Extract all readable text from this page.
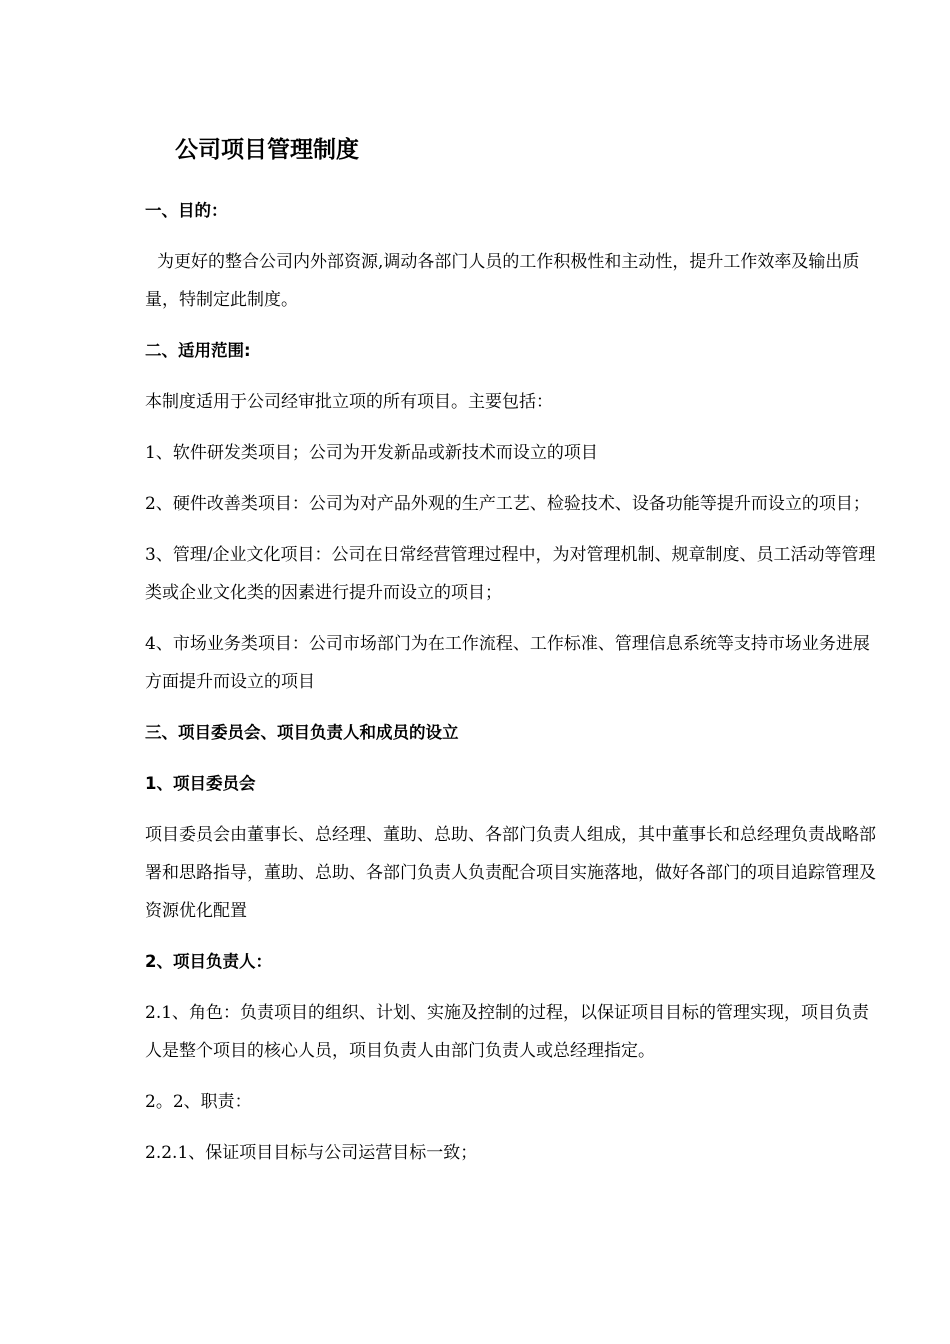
公司项目管理制度

一、目的：

为更好的整合公司内外部资源,调动各部门人员的工作积极性和主动性，提升工作效率及输出质量，特制定此制度。

二、适用范围:

本制度适用于公司经审批立项的所有项目。主要包括：

1、软件研发类项目；公司为开发新品或新技术而设立的项目

2、硬件改善类项目：公司为对产品外观的生产工艺、检验技术、设备功能等提升而设立的项目；

3、管理/企业文化项目：公司在日常经营管理过程中，为对管理机制、规章制度、员工活动等管理类或企业文化类的因素进行提升而设立的项目；

4、市场业务类项目：公司市场部门为在工作流程、工作标准、管理信息系统等支持市场业务进展方面提升而设立的项目

三、项目委员会、项目负责人和成员的设立

1、项目委员会

项目委员会由董事长、总经理、董助、总助、各部门负责人组成，其中董事长和总经理负责战略部署和思路指导，董助、总助、各部门负责人负责配合项目实施落地，做好各部门的项目追踪管理及资源优化配置

2、项目负责人：

2.1、角色：负责项目的组织、计划、实施及控制的过程，以保证项目目标的管理实现，项目负责人是整个项目的核心人员，项目负责人由部门负责人或总经理指定。

2。2、职责：

2.2.1、保证项目目标与公司运营目标一致；
